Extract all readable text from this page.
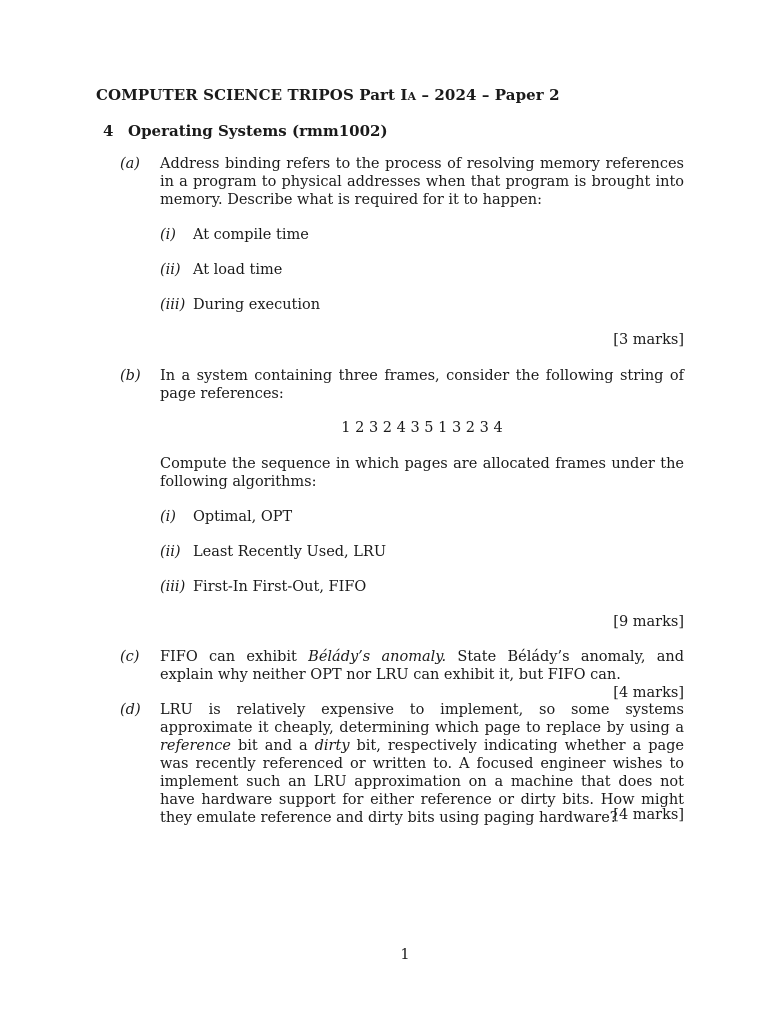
COMPUTER SCIENCE TRIPOS Part Ia – 2024 – Paper 2
4 Operating Systems (rmm1002)
(a)	Address binding refers to the process of resolving memory references in a program to physical addresses when that program is brought into memory. Describe what is required for it to happen:
(i)	At compile time
(ii) At load time
(iii) During execution
[3 marks]
(b)	In a system containing three frames, consider the following string of page references:
1 2 3 2 4 3 5 1 3 2 3 4
Compute the sequence in which pages are allocated frames under the following algorithms:
(i)	Optimal, OPT
(ii) Least Recently Used, LRU
(iii) First-In First-Out, FIFO
[9 marks]
(c)	FIFO can exhibit Bélády’s anomaly. State Bélády’s anomaly, and explain why neither OPT nor LRU can exhibit it, but FIFO can.
[4 marks]
(d)	LRU is relatively expensive to implement, so some systems approximate it cheaply, determining which page to replace by using a reference bit and a dirty bit, respectively indicating whether a page was recently referenced or written to. A focused engineer wishes to implement such an LRU approximation on a machine that does not have hardware support for either reference or dirty bits. How might they emulate reference and dirty bits using paging hardware?
[4 marks]
1
